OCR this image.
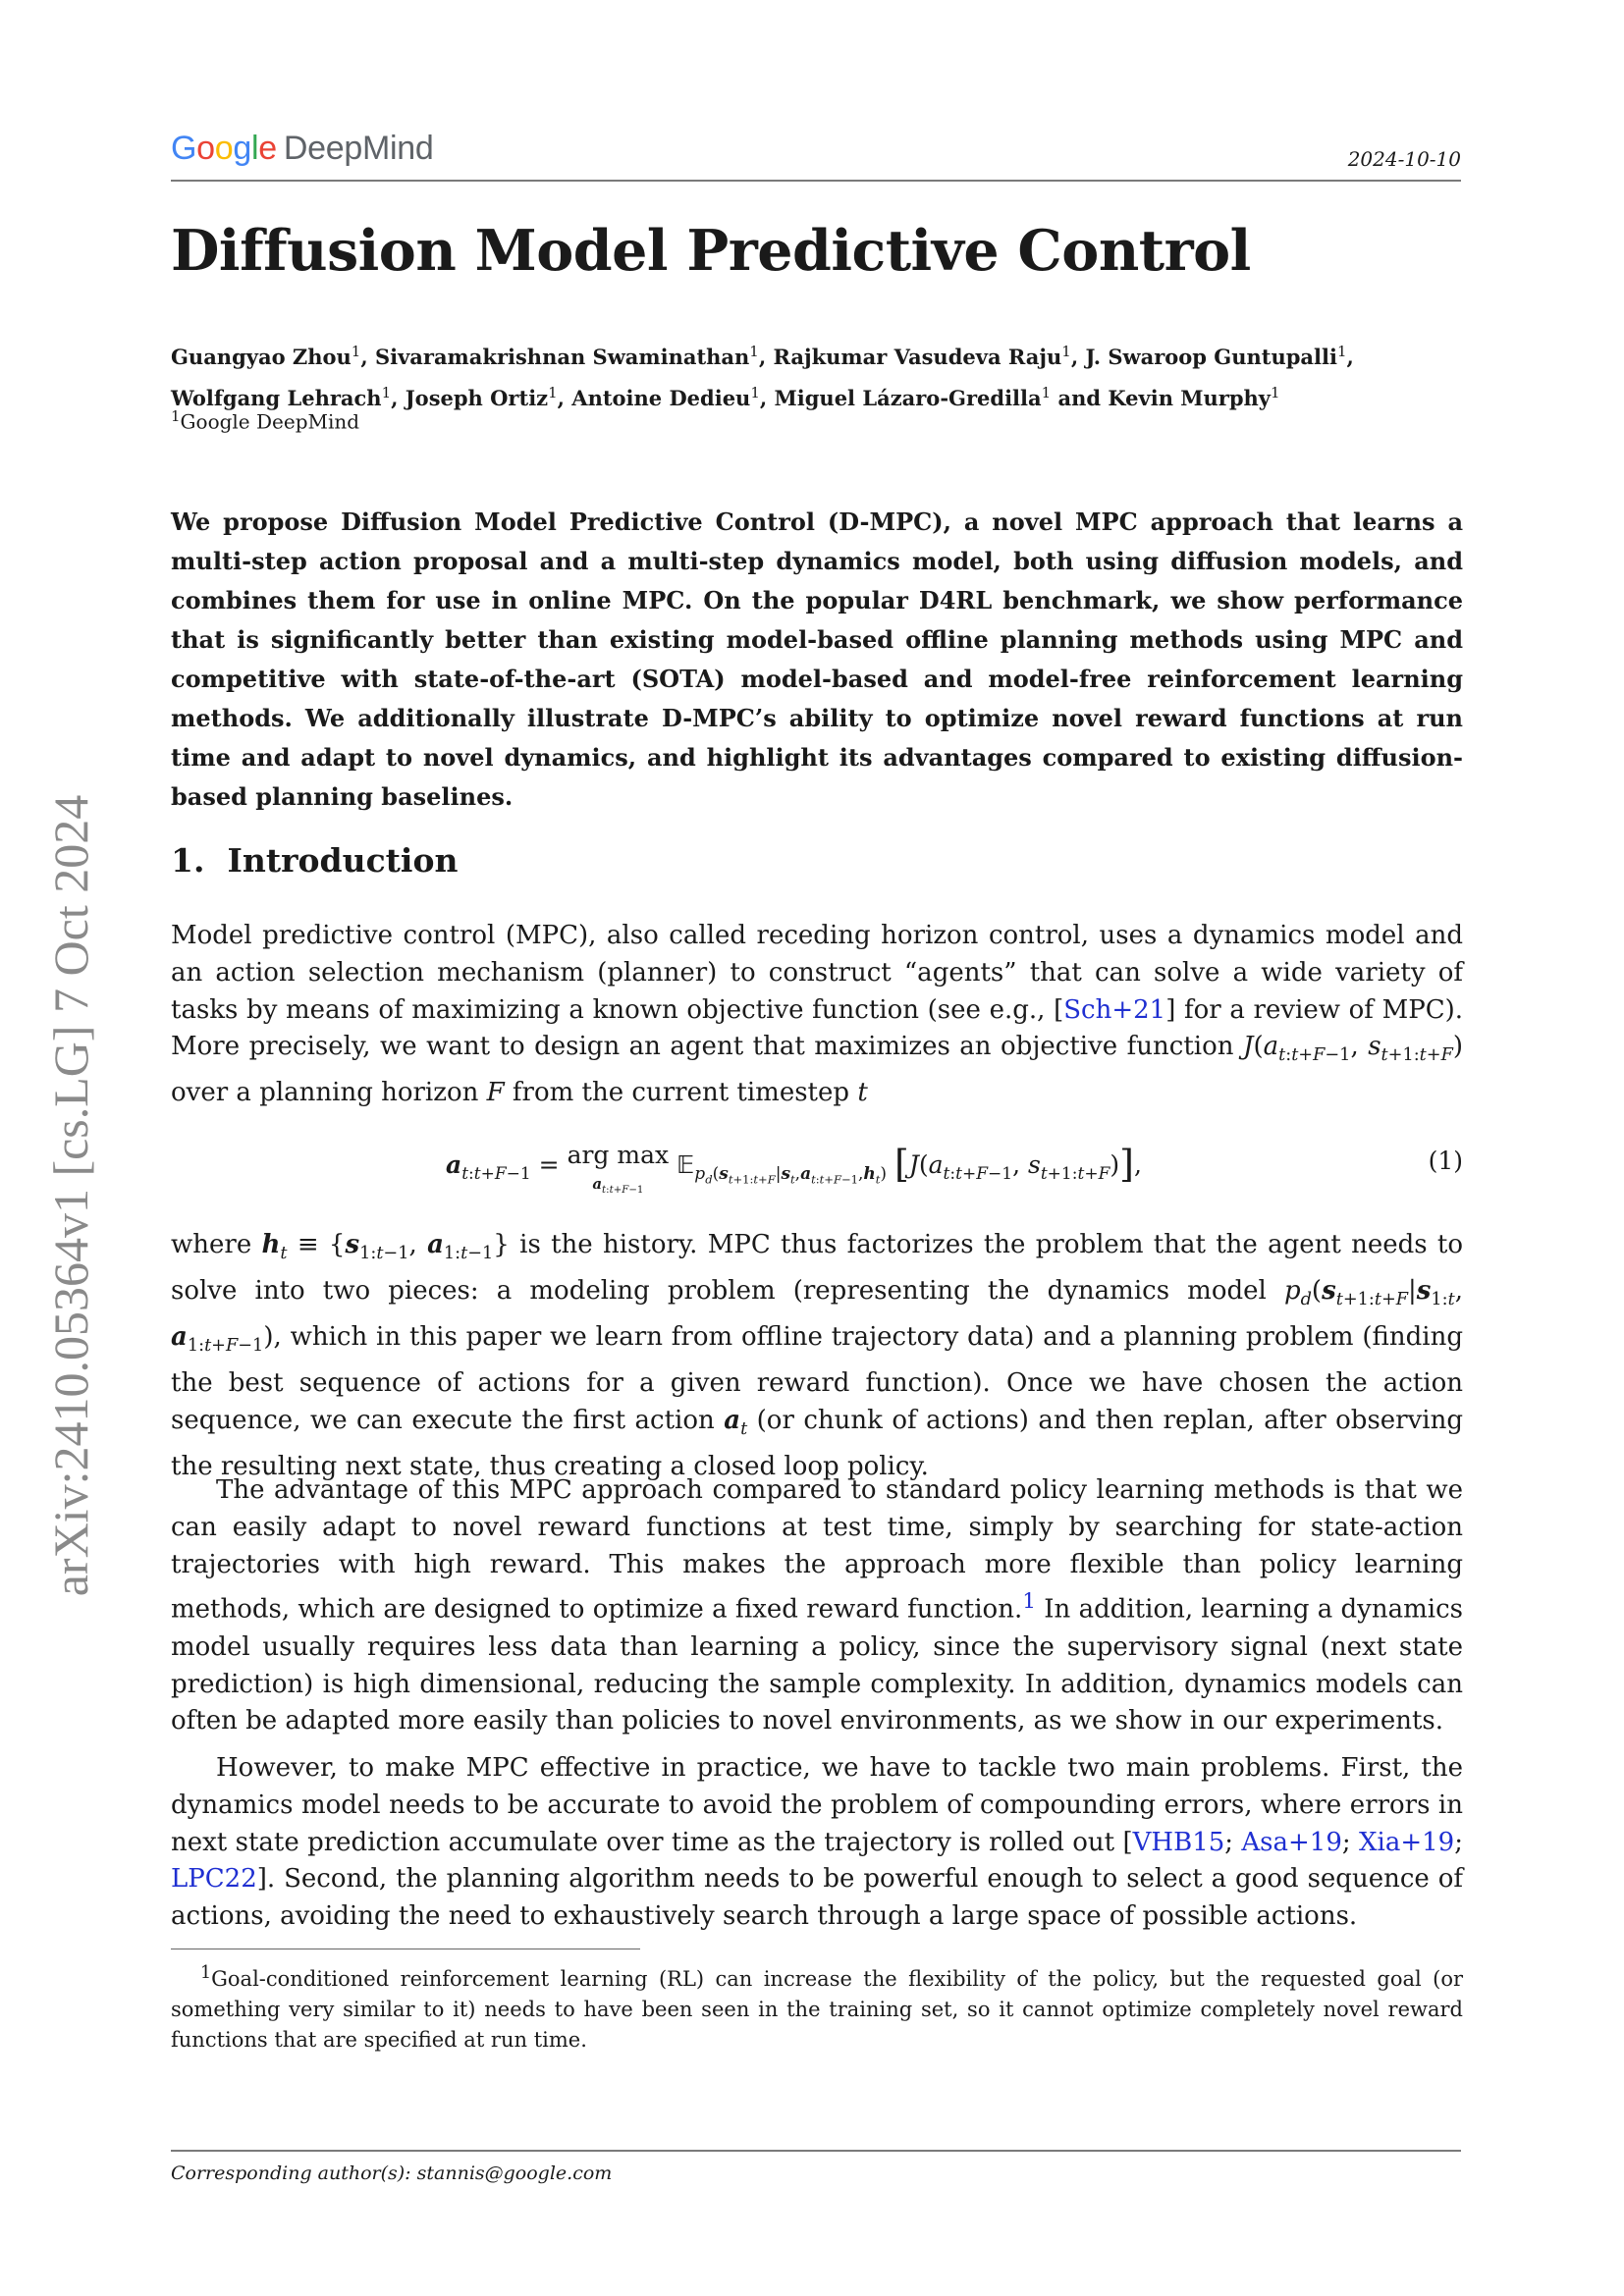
Google DeepMind	2024-10-10
arXiv:2410.05364v1 [cs.LG] 7 Oct 2024
Diffusion Model Predictive Control
Guangyao Zhou$^1$, Sivaramakrishnan Swaminathan$^1$, Rajkumar Vasudeva Raju$^1$, J. Swaroop Guntupalli$^1$,
Wolfgang Lehrach$^1$, Joseph Ortiz$^1$, Antoine Dedieu$^1$, Miguel Lázaro-Gredilla$^1$ and Kevin Murphy$^1$
$^1$Google DeepMind
We propose Diffusion Model Predictive Control (D-MPC), a novel MPC approach that learns a multi-step action proposal and a multi-step dynamics model, both using diffusion models, and combines them for use in online MPC. On the popular D4RL benchmark, we show performance that is significantly better than existing model-based offline planning methods using MPC and competitive with state-of-the-art (SOTA) model-based and model-free reinforcement learning methods. We additionally illustrate D-MPC’s ability to optimize novel reward functions at run time and adapt to novel dynamics, and highlight its advantages compared to existing diffusion-based planning baselines.
1. Introduction
Model predictive control (MPC), also called receding horizon control, uses a dynamics model and an action selection mechanism (planner) to construct “agents” that can solve a wide variety of tasks by means of maximizing a known objective function (see e.g., [Sch+21] for a review of MPC). More precisely, we want to design an agent that maximizes an objective function $J(a_{t:t+F-1}$, $s_{t+1:t+F}$) over a planning horizon F from the current timestep t
$a_{t:t+F-1}$ = arg max
$a_{t:t+F-1}$ 𝔼$_{p_d(s_{t+1:t+F}|s_t,a_{t:t+F-1},h_t)}$ [$J(a_{t:t+F-1}$, $s_{t+1:t+F}$)],	(1)
where $h_t \equiv \{s_{1:t-1}$, $a_{1:t-1}$} is the history. MPC thus factorizes the problem that the agent needs to solve into two pieces: a modeling problem (representing the dynamics model $p_d(s_{t+1:t+F}|s_{1:t}$, $a_{1:t+F-1}$), which in this paper we learn from offline trajectory data) and a planning problem (finding the best sequence of actions for a given reward function). Once we have chosen the action sequence, we can execute the first action $a_t$ (or chunk of actions) and then replan, after observing the resulting next state, thus creating a closed loop policy.
The advantage of this MPC approach compared to standard policy learning methods is that we can easily adapt to novel reward functions at test time, simply by searching for state-action trajectories with high reward. This makes the approach more flexible than policy learning methods, which are designed to optimize a fixed reward function.$^1$ In addition, learning a dynamics model usually requires less data than learning a policy, since the supervisory signal (next state prediction) is high dimensional, reducing the sample complexity. In addition, dynamics models can often be adapted more easily than policies to novel environments, as we show in our experiments.
However, to make MPC effective in practice, we have to tackle two main problems. First, the dynamics model needs to be accurate to avoid the problem of compounding errors, where errors in next state prediction accumulate over time as the trajectory is rolled out [VHB15; Asa+19; Xia+19; LPC22]. Second, the planning algorithm needs to be powerful enough to select a good sequence of actions, avoiding the need to exhaustively search through a large space of possible actions.
$^1$Goal-conditioned reinforcement learning (RL) can increase the flexibility of the policy, but the requested goal (or something very similar to it) needs to have been seen in the training set, so it cannot optimize completely novel reward functions that are specified at run time.
Corresponding author(s): stannis@google.com
